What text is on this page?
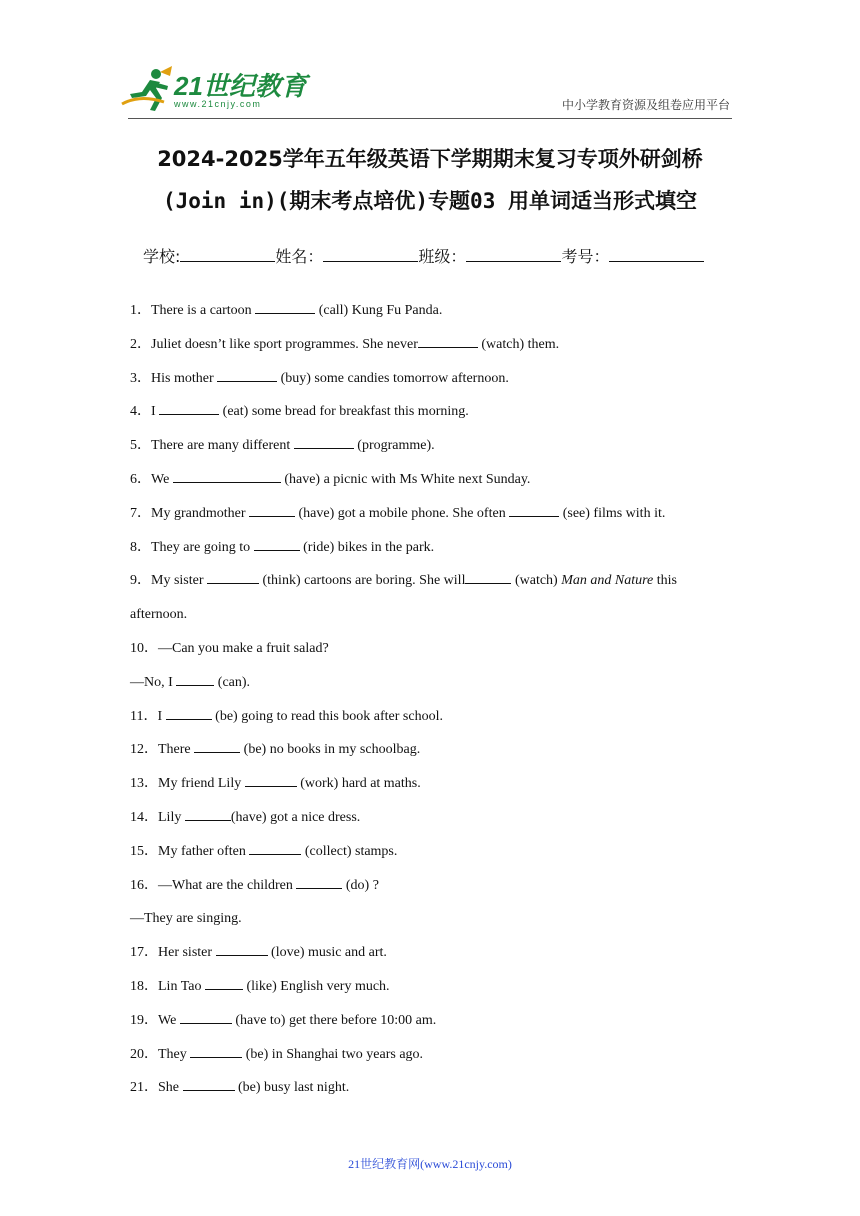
21世纪教育
www.21cnjy.com	中小学教育资源及组卷应用平台
2024-2025学年五年级英语下学期期末复习专项外研剑桥
(Join in)(期末考点培优)专题03 用单词适当形式填空
学校:	姓名：	班级：	考号：
1．There is a cartoon	(call) Kung Fu Panda.
2．Juliet doesn’t like sport programmes. She never	(watch) them.
3．His mother	(buy) some candies tomorrow afternoon.
4．I	(eat) some bread for breakfast this morning.
5．There are many different	(programme).
6．We	(have) a picnic with Ms White next Sunday.
7．My grandmother	(have) got a mobile phone. She often	(see) films with it.
8．They are going to	(ride) bikes in the park.
9．My sister	(think) cartoons are boring. She will	(watch) Man and Nature this
afternoon.
10．—Can you make a fruit salad?
—No, I	(can).
11．I	(be) going to read this book after school.
12．There	(be) no books in my schoolbag.
13．My friend Lily	(work) hard at maths.
14．Lily	(have) got a nice dress.
15．My father often	(collect) stamps.
16．—What are the children	(do) ?
—They are singing.
17．Her sister	(love) music and art.
18．Lin Tao	(like) English very much.
19．We	(have to) get there before 10:00 am.
20．They	(be) in Shanghai two years ago.
21．She	(be) busy last night.
21世纪教育网(www.21cnjy.com)
